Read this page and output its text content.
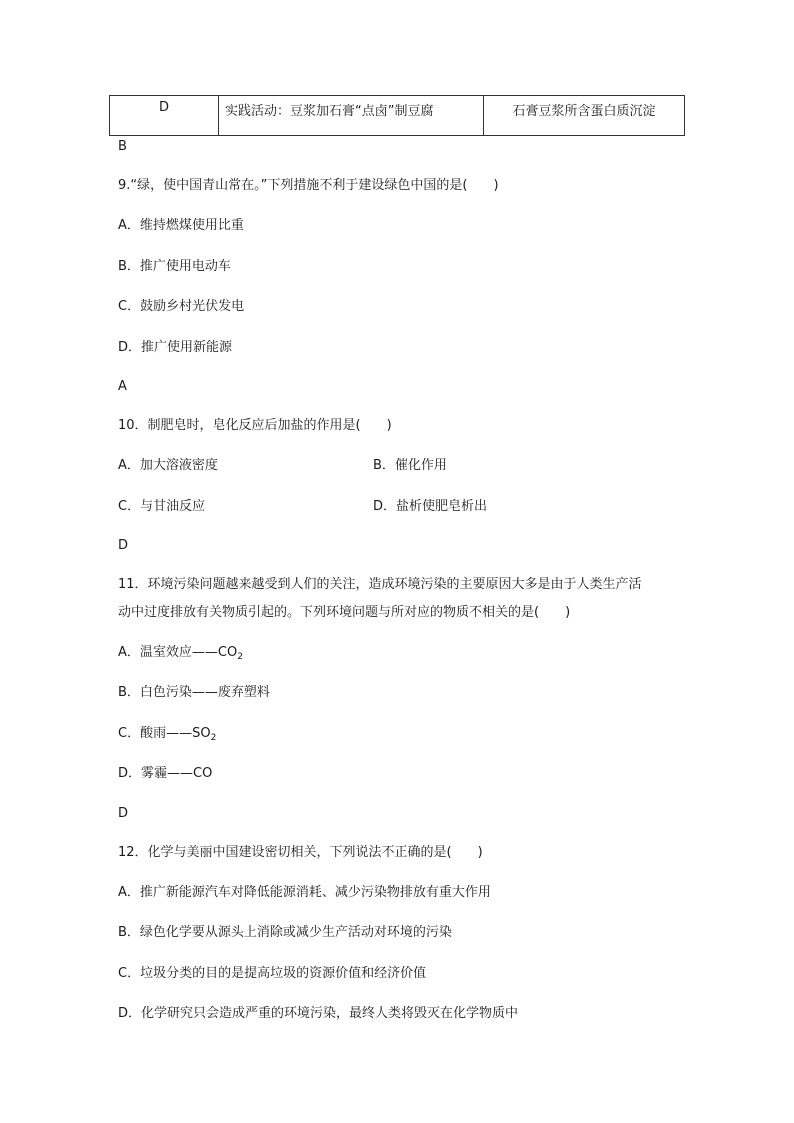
D	实践活动：豆浆加石膏“点卤”制豆腐	石膏豆浆所含蛋白质沉淀
B
9.“绿，使中国青山常在。”下列措施不利于建设绿色中国的是(　　)
A．维持燃煤使用比重
B．推广使用电动车
C．鼓励乡村光伏发电
D．推广使用新能源
A
10．制肥皂时，皂化反应后加盐的作用是(　　)
A．加大溶液密度	B．催化作用
C．与甘油反应	D．盐析使肥皂析出
D
11．环境污染问题越来越受到人们的关注，造成环境污染的主要原因大多是由于人类生产活
动中过度排放有关物质引起的。下列环境问题与所对应的物质不相关的是(　　)
A．温室效应$——CO_2$
B．白色污染——废弃塑料
C．酸雨$——SO_2$
D．雾霾——CO
D
12．化学与美丽中国建设密切相关，下列说法不正确的是(　　)
A．推广新能源汽车对降低能源消耗、减少污染物排放有重大作用
B．绿色化学要从源头上消除或减少生产活动对环境的污染
C．垃圾分类的目的是提高垃圾的资源价值和经济价值
D．化学研究只会造成严重的环境污染，最终人类将毁灭在化学物质中
